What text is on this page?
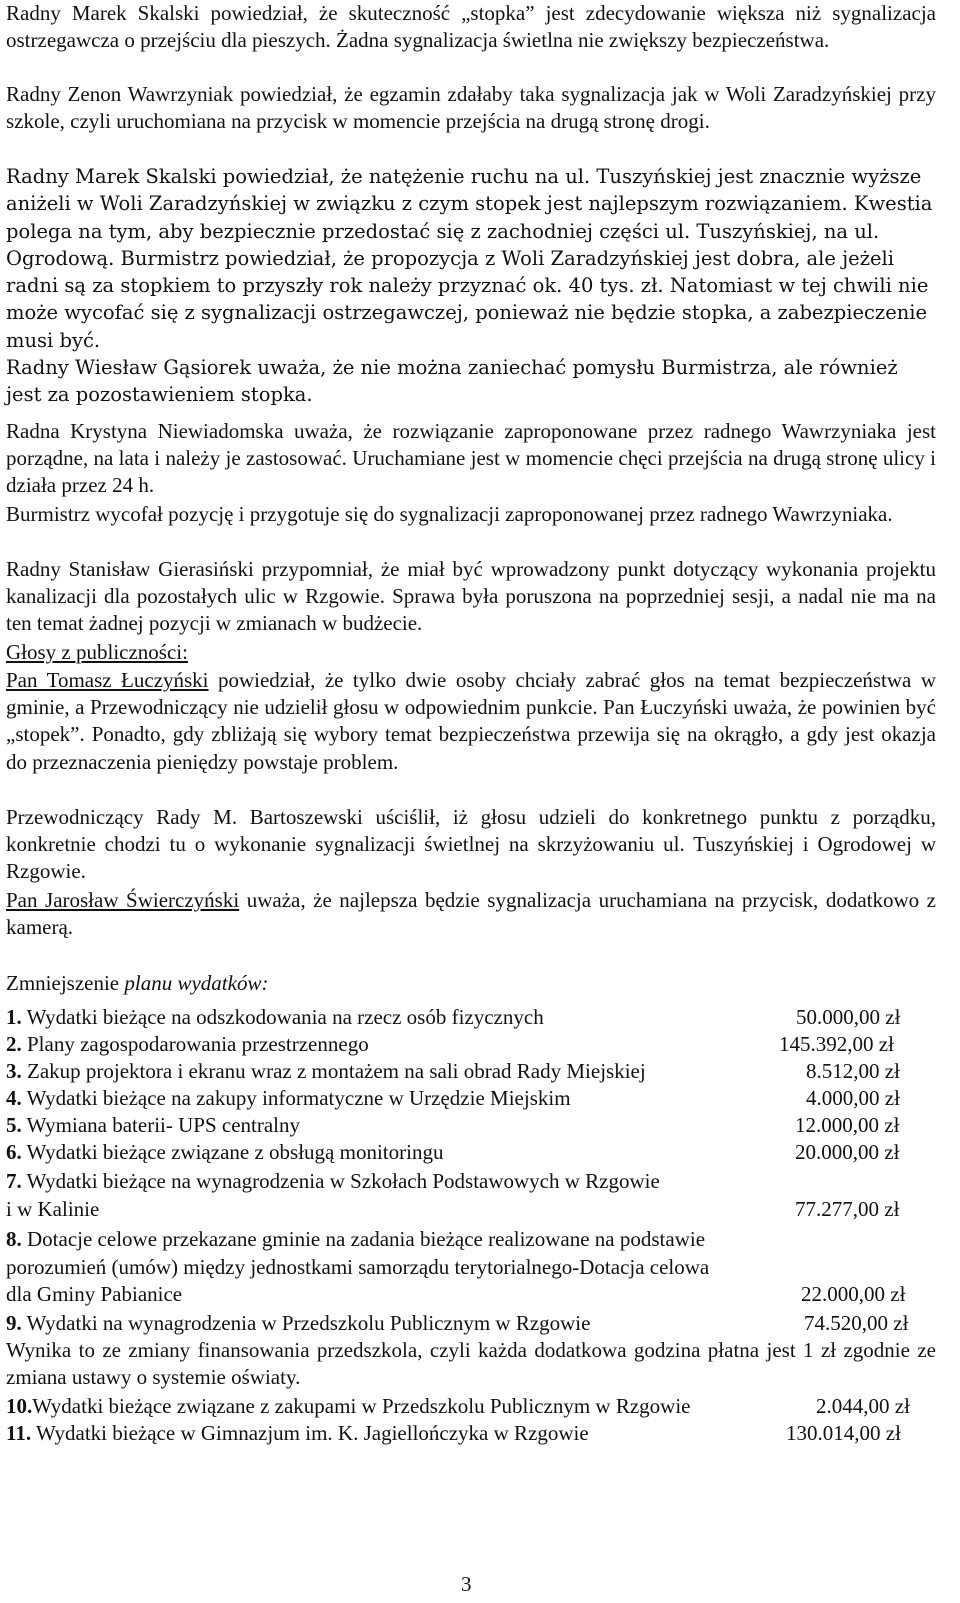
Radny Marek Skalski powiedział, że skuteczność „stopka” jest zdecydowanie większa niż sygnalizacja ostrzegawcza o przejściu dla pieszych. Żadna sygnalizacja świetlna nie zwiększy bezpieczeństwa.

Radny Zenon Wawrzyniak powiedział, że egzamin zdałaby taka sygnalizacja jak w Woli Zaradzyńskiej przy szkole, czyli uruchomiana na przycisk w momencie przejścia na drugą stronę drogi.

Radny Marek Skalski powiedział, że natężenie ruchu na ul. Tuszyńskiej jest znacznie wyższe aniżeli w Woli Zaradzyńskiej w związku z czym stopek jest najlepszym rozwiązaniem. Kwestia polega na tym, aby bezpiecznie przedostać się z zachodniej części ul. Tuszyńskiej, na ul. Ogrodową. Burmistrz powiedział, że propozycja z Woli Zaradzyńskiej jest dobra, ale jeżeli radni są za stopkiem to przyszły rok należy przyznać ok. 40 tys. zł. Natomiast w tej chwili nie może wycofać się z sygnalizacji ostrzegawczej, ponieważ nie będzie stopka, a zabezpieczenie musi być.
Radny Wiesław Gąsiorek uważa, że nie można zaniechać pomysłu Burmistrza, ale również jest za pozostawieniem stopka.

Radna Krystyna Niewiadomska uważa, że rozwiązanie zaproponowane przez radnego Wawrzyniaka jest porządne, na lata i należy je zastosować. Uruchamiane jest w momencie chęci przejścia na drugą stronę ulicy i działa przez 24 h.

Burmistrz wycofał pozycję i przygotuje się do sygnalizacji zaproponowanej przez radnego Wawrzyniaka.

Radny Stanisław Gierasiński przypomniał, że miał być wprowadzony punkt dotyczący wykonania projektu kanalizacji dla pozostałych ulic w Rzgowie. Sprawa była poruszona na poprzedniej sesji, a nadal nie ma na ten temat żadnej pozycji w zmianach w budżecie.

Głosy z publiczności:

Pan Tomasz Łuczyński powiedział, że tylko dwie osoby chciały zabrać głos na temat bezpieczeństwa w gminie, a Przewodniczący nie udzielił głosu w odpowiednim punkcie. Pan Łuczyński uważa, że powinien być „stopek”. Ponadto, gdy zbliżają się wybory temat bezpieczeństwa przewija się na okrągło, a gdy jest okazja do przeznaczenia pieniędzy powstaje problem.

Przewodniczący Rady M. Bartoszewski uściślił, iż głosu udzieli do konkretnego punktu z porządku, konkretnie chodzi tu o wykonanie sygnalizacji świetlnej na skrzyżowaniu ul. Tuszyńskiej i Ogrodowej w Rzgowie.

Pan Jarosław Świerczyński uważa, że najlepsza będzie sygnalizacja uruchamiana na przycisk, dodatkowo z kamerą.

Zmniejszenie planu wydatków:

1. Wydatki bieżące na odszkodowania na rzecz osób fizycznych	50.000,00 zł
2. Plany zagospodarowania przestrzennego	145.392,00 zł
3. Zakup projektora i ekranu wraz z montażem na sali obrad Rady Miejskiej	8.512,00 zł
4. Wydatki bieżące na zakupy informatyczne w Urzędzie Miejskim	4.000,00 zł
5. Wymiana baterii- UPS centralny	12.000,00 zł
6. Wydatki bieżące związane z obsługą monitoringu	20.000,00 zł
7. Wydatki bieżące na wynagrodzenia w Szkołach Podstawowych w Rzgowie
i w Kalinie	77.277,00 zł
8. Dotacje celowe przekazane gminie na zadania bieżące realizowane na podstawie
porozumień (umów) między jednostkami samorządu terytorialnego-Dotacja celowa
dla Gminy Pabianice	22.000,00 zł
9. Wydatki na wynagrodzenia w Przedszkolu Publicznym w Rzgowie	74.520,00 zł

Wynika to ze zmiany finansowania przedszkola, czyli każda dodatkowa godzina płatna jest 1 zł zgodnie ze zmiana ustawy o systemie oświaty.

10.Wydatki bieżące związane z zakupami w Przedszkolu Publicznym w Rzgowie	2.044,00 zł
11. Wydatki bieżące w Gimnazjum im. K. Jagiellończyka w Rzgowie	130.014,00 zł
3
